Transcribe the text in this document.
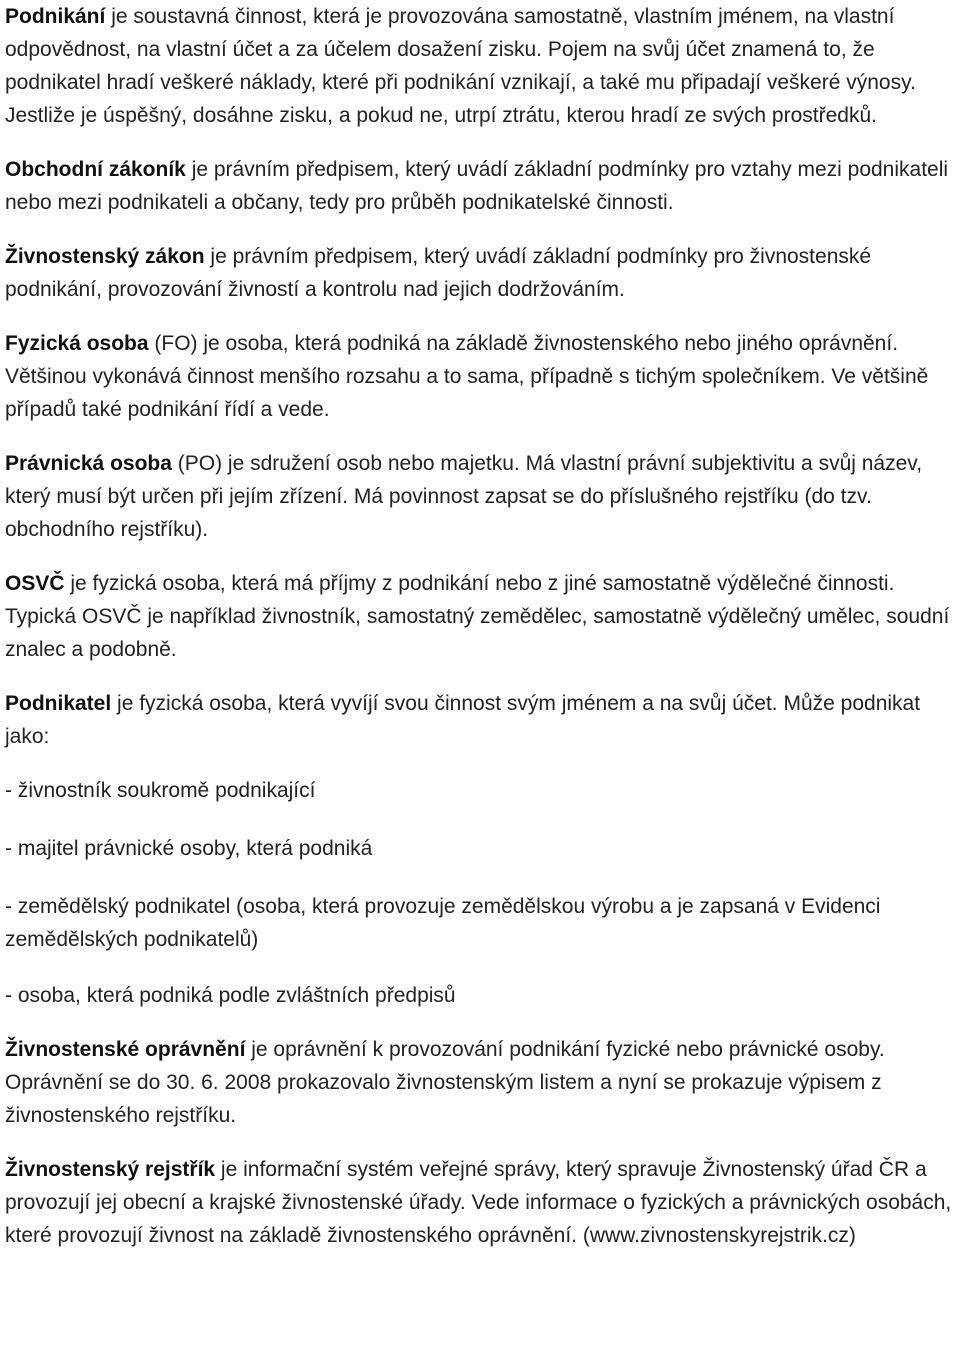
Podnikání je soustavná činnost, která je provozována samostatně, vlastním jménem, na vlastní odpovědnost, na vlastní účet a za účelem dosažení zisku. Pojem na svůj účet znamená to, že podnikatel hradí veškeré náklady, které při podnikání vznikají, a také mu připadají veškeré výnosy. Jestliže je úspěšný, dosáhne zisku, a pokud ne, utrpí ztrátu, kterou hradí ze svých prostředků.

Obchodní zákoník je právním předpisem, který uvádí základní podmínky pro vztahy mezi podnikateli nebo mezi podnikateli a občany, tedy pro průběh podnikatelské činnosti.

Živnostenský zákon je právním předpisem, který uvádí základní podmínky pro živnostenské podnikání, provozování živností a kontrolu nad jejich dodržováním.

Fyzická osoba (FO) je osoba, která podniká na základě živnostenského nebo jiného oprávnění. Většinou vykonává činnost menšího rozsahu a to sama, případně s tichým společníkem. Ve většině případů také podnikání řídí a vede.

Právnická osoba (PO) je sdružení osob nebo majetku. Má vlastní právní subjektivitu a svůj název, který musí být určen při jejím zřízení. Má povinnost zapsat se do příslušného rejstříku (do tzv. obchodního rejstříku).

OSVČ je fyzická osoba, která má příjmy z podnikání nebo z jiné samostatně výdělečné činnosti. Typická OSVČ je například živnostník, samostatný zemědělec, samostatně výdělečný umělec, soudní znalec a podobně.

Podnikatel je fyzická osoba, která vyvíjí svou činnost svým jménem a na svůj účet. Může podnikat jako:

- živnostník soukromě podnikající

- majitel právnické osoby, která podniká

- zemědělský podnikatel (osoba, která provozuje zemědělskou výrobu a je zapsaná v Evidenci zemědělských podnikatelů)

- osoba, která podniká podle zvláštních předpisů

Živnostenské oprávnění je oprávnění k provozování podnikání fyzické nebo právnické osoby. Oprávnění se do 30. 6. 2008 prokazovalo živnostenským listem a nyní se prokazuje výpisem z živnostenského rejstříku.

Živnostenský rejstřík je informační systém veřejné správy, který spravuje Živnostenský úřad ČR a provozují jej obecní a krajské živnostenské úřady. Vede informace o fyzických a právnických osobách, které provozují živnost na základě živnostenského oprávnění. (www.zivnostenskyrejstrik.cz)
